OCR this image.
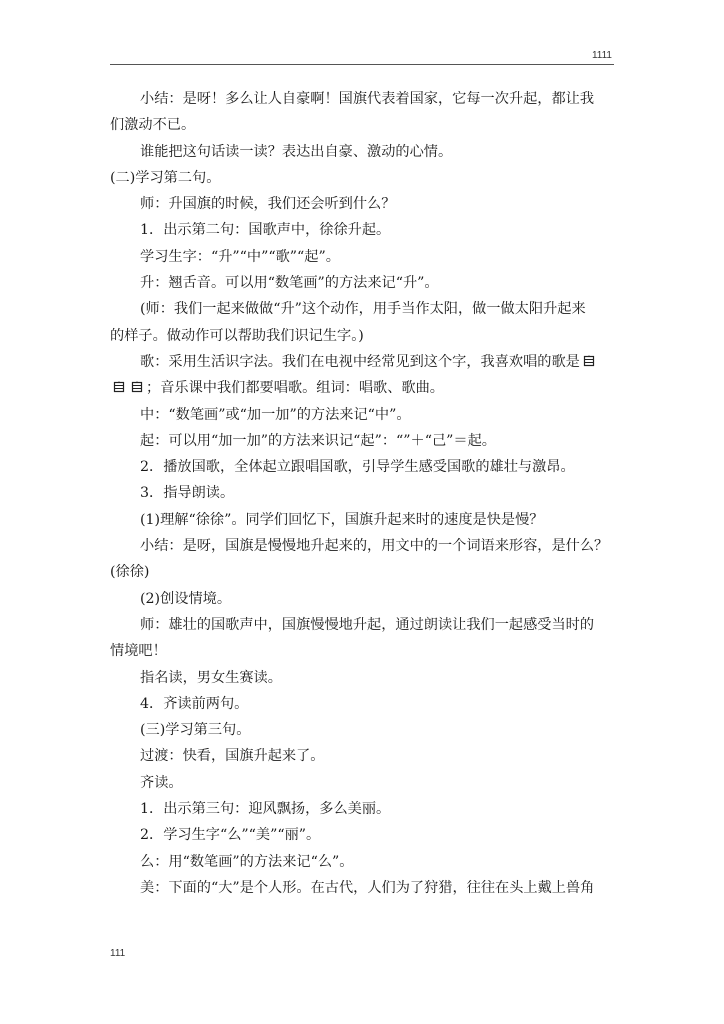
1111

小结：是呀！多么让人自豪啊！国旗代表着国家，它每一次升起，都让我

们激动不已。

谁能把这句话读一读？表达出自豪、激动的心情。

(二)学习第二句。

师：升国旗的时候，我们还会听到什么？

1．出示第二句：国歌声中，徐徐升起。

学习生字：“升”“中”“歌”“起”。

升：翘舌音。可以用“数笔画”的方法来记“升”。

(师：我们一起来做做“升”这个动作，用手当作太阳，做一做太阳升起来

的样子。做动作可以帮助我们识记生字。)

歌：采用生活识字法。我们在电视中经常见到这个字，我喜欢唱的歌是

；音乐课中我们都要唱歌。组词：唱歌、歌曲。

中：“数笔画”或“加一加”的方法来记“中”。

起：可以用“加一加”的方法来识记“起”：“”＋“己”＝起。

2．播放国歌，全体起立跟唱国歌，引导学生感受国歌的雄壮与激昂。

3．指导朗读。

(1)理解“徐徐”。同学们回忆下，国旗升起来时的速度是快是慢？

小结：是呀，国旗是慢慢地升起来的，用文中的一个词语来形容，是什么？

(徐徐)

(2)创设情境。

师：雄壮的国歌声中，国旗慢慢地升起，通过朗读让我们一起感受当时的

情境吧！

指名读，男女生赛读。

4．齐读前两句。

(三)学习第三句。

过渡：快看，国旗升起来了。

齐读。

1．出示第三句：迎风飘扬，多么美丽。

2．学习生字“么”“美”“丽”。

么：用“数笔画”的方法来记“么”。

美：下面的“大”是个人形。在古代，人们为了狩猎，往往在头上戴上兽角

111
